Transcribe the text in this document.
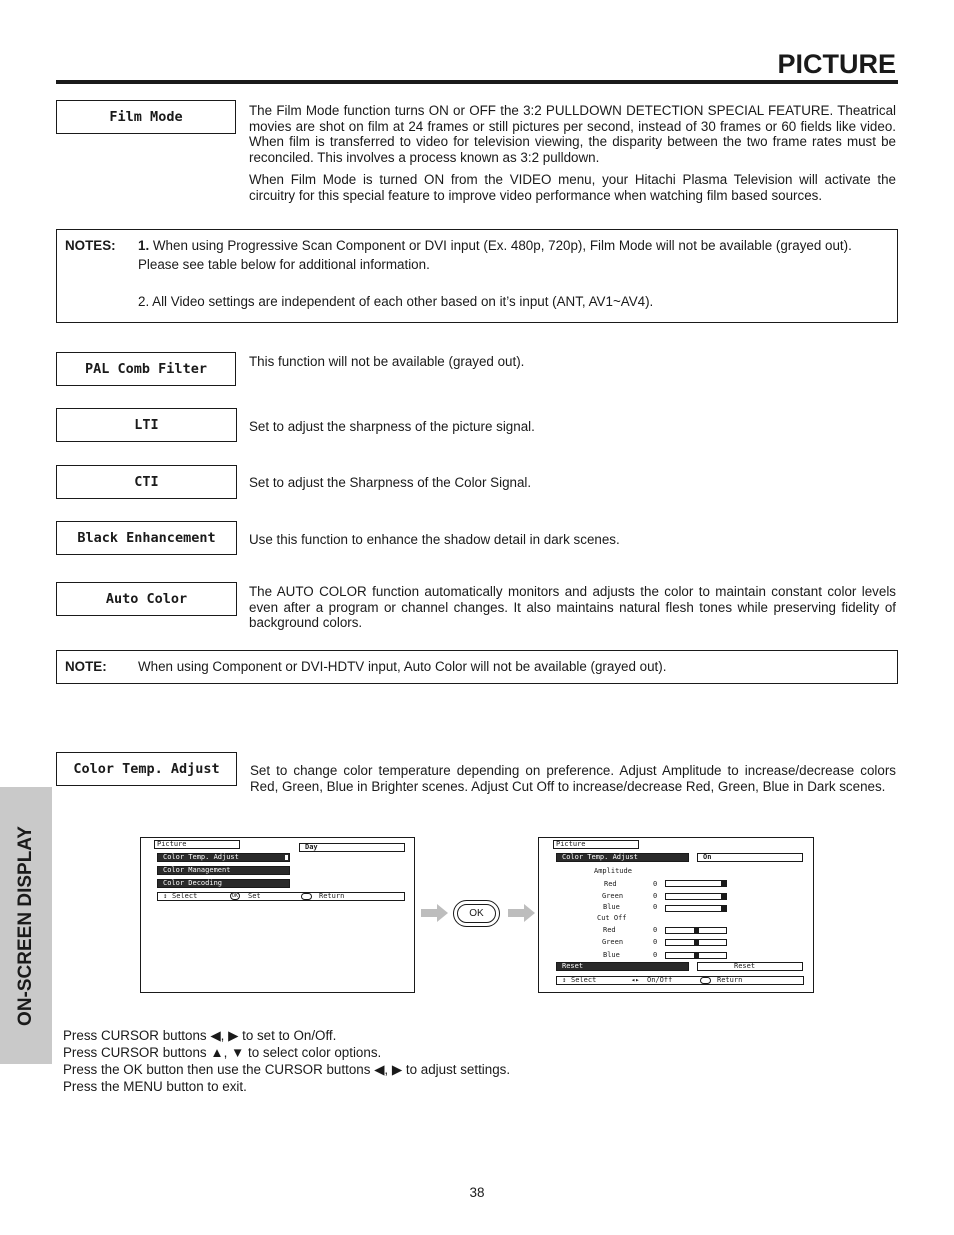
PICTURE
ON-SCREEN DISPLAY
Film Mode	The Film Mode function turns ON or OFF the 3:2 PULLDOWN DETECTION SPECIAL FEATURE. Theatrical movies are shot on film at 24 frames or still pictures per second, instead of 30 frames or 60 fields like video. When film is transferred to video for television viewing, the disparity between the two frame rates must be reconciled. This involves a process known as 3:2 pulldown.

When Film Mode is turned ON from the VIDEO menu, your Hitachi Plasma Television will activate the circuitry for this special feature to improve video performance when watching film based sources.

NOTES: 1. When using Progressive Scan Component or DVI input (Ex. 480p, 720p), Film Mode will not be available (grayed out).
Please see table below for additional information.
2. All Video settings are independent of each other based on it’s input (ANT, AV1~AV4).
PAL Comb Filter	This function will not be available (grayed out).
LTI	Set to adjust the sharpness of the picture signal.
CTI	Set to adjust the Sharpness of the Color Signal.
Black Enhancement	Use this function to enhance the shadow detail in dark scenes.
Auto Color	The AUTO COLOR function automatically monitors and adjusts the color to maintain constant color levels even after a program or channel changes. It also maintains natural flesh tones while preserving fidelity of background colors.
NOTE: When using Component or DVI-HDTV input, Auto Color will not be available (grayed out).
Color Temp. Adjust	Set to change color temperature depending on preference. Adjust Amplitude to increase/decrease colors Red, Green, Blue in Brighter scenes. Adjust Cut Off to increase/decrease Red, Green, Blue in Dark scenes.
Picture	Day
Color Temp. Adjust
Color Management
Color Decoding
↕ Select	OK Set	Return
OK
Picture
Color Temp. Adjust	On
Amplitude
Red	0
Green	0
Blue	0
Cut Off
Red	0
Green	0
Blue	0
Reset	Reset
↕ Select	◂▸ On/Off	Return
Press CURSOR buttons ◀, ▶ to set to On/Off.
Press CURSOR buttons ▲, ▼ to select color options.
Press the OK button then use the CURSOR buttons ◀, ▶ to adjust settings.
Press the MENU button to exit.
38
